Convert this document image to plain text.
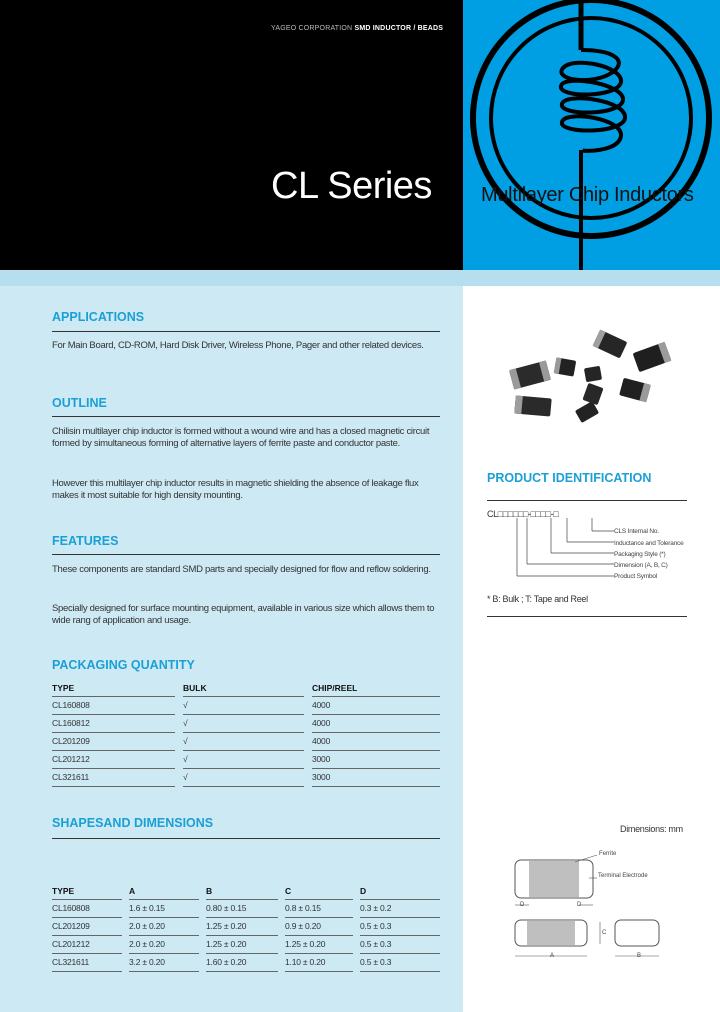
YAGEO CORPORATION SMD INDUCTOR / BEADS
CL Series Multilayer Chip Inductors
APPLICATIONS
For Main Board, CD-ROM, Hard Disk Driver, Wireless Phone, Pager and other related devices.
OUTLINE
Chilisin multilayer chip inductor is formed without a wound wire and has a closed magnetic circuit formed by simultaneous forming of alternative layers of ferrite paste and conductor paste.
However this multilayer chip inductor results in magnetic shielding the absence of leakage flux makes it most suitable for high density mounting.
FEATURES
These components are standard SMD parts and specially designed for flow and reflow soldering.
Specially designed for surface mounting equipment, available in various size which allows them to wide rang of application and usage.
PACKAGING QUANTITY
TYPE		BULK		CHIP/REEL
CL160808		√		4000
CL160812		√		4000
CL201209		√		4000
CL201212		√		3000
CL321611		√		3000
SHAPESAND DIMENSIONS
TYPE		A		B		C		D
CL160808		1.6 ± 0.15		0.80 ± 0.15		0.8 ± 0.15		0.3 ± 0.2
CL201209		2.0 ± 0.20		1.25 ± 0.20		0.9 ± 0.20		0.5 ± 0.3
CL201212		2.0 ± 0.20		1.25 ± 0.20		1.25 ± 0.20		0.5 ± 0.3
CL321611		3.2 ± 0.20		1.60 ± 0.20		1.10 ± 0.20		0.5 ± 0.3
PRODUCT IDENTIFICATION
CL□□□□□□-□□□□-□
CLS Internal No.
Inductance and Tolerance
Packaging Style (*)
Dimension (A, B, C)
Product Symbol
* B: Bulk ; T: Tape and Reel
Dimensions: mm
Ferrite
Terminal Electrode
D	D
C
A	B
